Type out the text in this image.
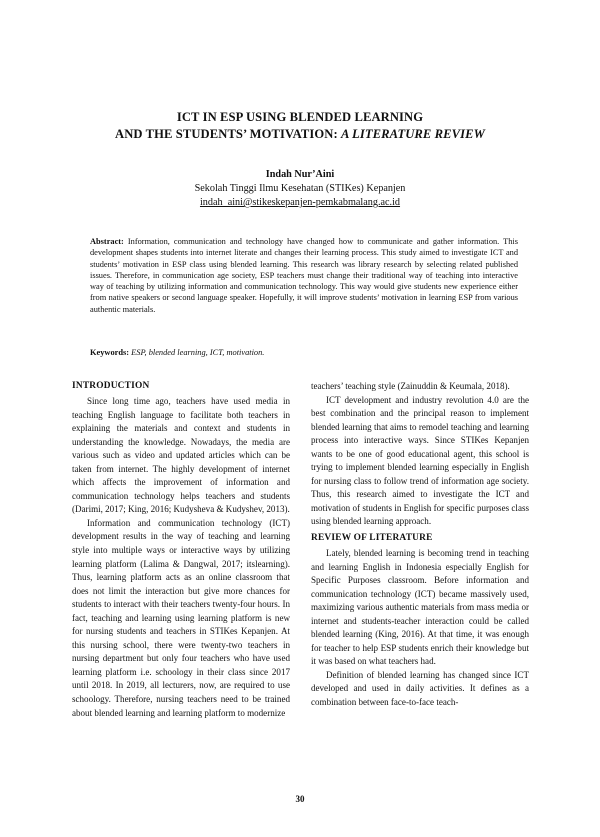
ICT IN ESP USING BLENDED LEARNING
AND THE STUDENTS’ MOTIVATION: A LITERATURE REVIEW
Indah Nur’Aini
Sekolah Tinggi Ilmu Kesehatan (STIKes) Kepanjen
indah_aini@stikeskepanjen-pemkabmalang.ac.id
Abstract: Information, communication and technology have changed how to communicate and gather information. This development shapes students into internet literate and changes their learning process. This study aimed to investigate ICT and students’ motivation in ESP class using blended learning. This research was library research by selecting related published issues. Therefore, in communication age society, ESP teachers must change their traditional way of teaching into interactive way of teaching by utilizing information and communication technology. This way would give students new experience either from native speakers or second language speaker. Hopefully, it will improve students’ motivation in learning ESP from various authentic materials.
Keywords: ESP, blended learning, ICT, motivation.
INTRODUCTION

Since long time ago, teachers have used media in teaching English language to facilitate both teachers in explaining the materials and context and students in understanding the knowledge. Nowadays, the media are various such as video and updated articles which can be taken from internet. The highly development of internet which affects the improvement of information and communication technology helps teachers and students (Darimi, 2017; King, 2016; Kudysheva & Kudyshev, 2013).

Information and communication technology (ICT) development results in the way of teaching and learning style into multiple ways or interactive ways by utilizing learning platform (Lalima & Dangwal, 2017; itslearning). Thus, learning platform acts as an online classroom that does not limit the interaction but give more chances for students to interact with their teachers twenty-four hours. In fact, teaching and learning using learning platform is new for nursing students and teachers in STIKes Kepanjen. At this nursing school, there were twenty-two teachers in nursing department but only four teachers who have used learning platform i.e. schoology in their class since 2017 until 2018. In 2019, all lecturers, now, are required to use schoology. Therefore, nursing teachers need to be trained about blended learning and learning platform to modernize

teachers’ teaching style (Zainuddin & Keumala, 2018).

ICT development and industry revolution 4.0 are the best combination and the principal reason to implement blended learning that aims to remodel teaching and learning process into interactive ways. Since STIKes Kepanjen wants to be one of good educational agent, this school is trying to implement blended learning especially in English for nursing class to follow trend of information age society. Thus, this research aimed to investigate the ICT and motivation of students in English for specific purposes class using blended learning approach.

REVIEW OF LITERATURE

Lately, blended learning is becoming trend in teaching and learning English in Indonesia especially English for Specific Purposes classroom. Before information and communication technology (ICT) became massively used, maximizing various authentic materials from mass media or internet and students-teacher interaction could be called blended learning (King, 2016). At that time, it was enough for teacher to help ESP students enrich their knowledge but it was based on what teachers had.

Definition of blended learning has changed since ICT developed and used in daily activities. It defines as a combination between face-to-face teach-

30
